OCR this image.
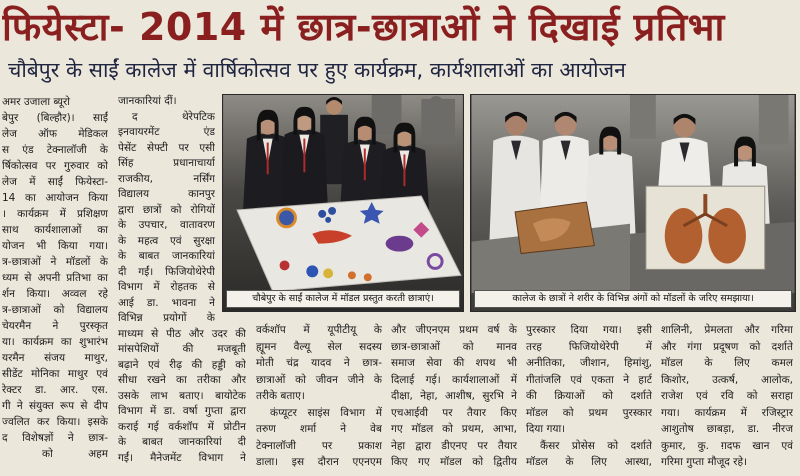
फियेस्टा- 2014 में छात्र-छात्राओं ने दिखाई प्रतिभा
चौबेपुर के साईं कालेज में वार्षिकोत्सव पर हुए कार्यक्रम, कार्यशालाओं का आयोजन
अमर उजाला ब्यूरो
बेपुर (बिल्हौर)। साईं
लेज ऑफ मेडिकल
स एंड टेक्नालॉजी के
र्षिकोत्सव पर गुरुवार को
लेज में साईं फियेस्टा-
14 का आयोजन किया
। कार्यक्रम में प्रशिक्षण
साथ कार्यशालाओं का
योजन भी किया गया।
त्र-छात्राओं ने मॉडलों के
ध्यम से अपनी प्रतिभा का
र्शन किया। अव्वल रहे
त्र-छात्राओं को विद्यालय
चेयरमैन ने पुरस्कृत
या। कार्यक्रम का शुभारंभ
यरमैन संजय माथुर,
सीडेंट मोनिका माथुर एवं
रेक्टर डा. आर. एस.
गी ने संयुक्त रूप से दीप
ज्वलित कर किया। इसके
द विशेषज्ञों ने छात्र-
को अहम
जानकारियां दीं।
द थेरेपटिक
इनवायरमेंट एंड
पेसेंट सेफ्टी पर एसी
सिंह प्रधानाचार्या
राजकीय, नर्सिंग
विद्यालय कानपुर
द्वारा छात्रों को रोगियों
के उपचार, वातावरण
के महत्व एवं सुरक्षा
के बाबत जानकारियां
दी गईं। फिजियोथेरेपी
विभाग में रोहतक से
आई डा. भावना ने
विभिन्न प्रयोगों के
माध्यम से पीठ और उदर की
मांसपेशियों की मजबूती
बढ़ाने एवं रीढ़ की हड्डी को
सीधा रखने का तरीका और
उसके लाभ बताए। बायोटेक
विभाग में डा. वर्षा गुप्ता द्वारा
कराई गई वर्कशॉप में प्रोटीन
के बाबत जानकारियां दी
गईं। मैनेजमेंट विभाग ने
चौबेपुर के साईं कालेज में मॉडल प्रस्तुत करती छात्राएं।	कालेज के छात्रों ने शरीर के विभिन्न अंगों को मॉडलों के जरिए समझाया।
वर्कशॉप में यूपीटीयू के
ह्यूमन वैल्यू सेल सदस्य
मोती चंद्र यादव ने छात्र-
छात्राओं को जीवन जीने के
तरीके बताए।
कंप्यूटर साइंस विभाग में
तरुण शर्मा ने वेब
टेक्नालॉजी पर प्रकाश
डाला। इस दौरान एएनएम
और जीएनएम प्रथम वर्ष के
छात्र-छात्राओं को मानव
समाज सेवा की शपथ भी
दिलाई गई। कार्यशालाओं में
दीक्षा, नेहा, आशीष, सुरभि ने
एचआईवी पर तैयार किए
गए मॉडल को प्रथम, आभा,
नेहा द्वारा डीएनए पर तैयार
किए गए मॉडल को द्वितीय
पुरस्कार दिया गया। इसी
तरह फिजियोथेरेपी में
अनीतिका, जीशान, हिमांशु,
गीतांजलि एवं एकता ने हार्ट
की क्रियाओं को दर्शाते
मॉडल को प्रथम पुरस्कार
दिया गया।
कैंसर प्रोसेस को दर्शाते
मॉडल के लिए आस्था,
शालिनी, प्रेमलता और गरिमा
और गंगा प्रदूषण को दर्शाते
मॉडल के लिए कमल
किशोर, उत्कर्ष, आलोक,
राजेश एवं रवि को सराहा
गया। कार्यक्रम में रजिस्ट्रार
आशुतोष छाबड़ा, डा. नीरज
कुमार, कु. ग़दफ खान एवं
गरिमा गुप्ता मौजूद रहे।
